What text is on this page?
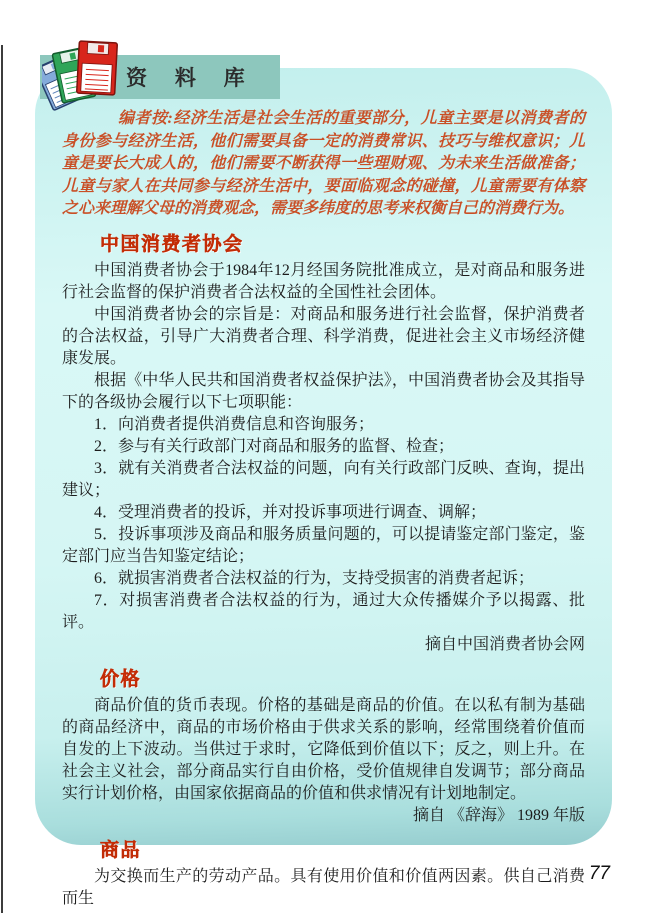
编者按:经济生活是社会生活的重要部分，儿童主要是以消费者的身份参与经济生活，他们需要具备一定的消费常识、技巧与维权意识；儿童是要长大成人的，他们需要不断获得一些理财观、为未来生活做准备；儿童与家人在共同参与经济生活中，要面临观念的碰撞，儿童需要有体察之心来理解父母的消费观念，需要多纬度的思考来权衡自己的消费行为。

中国消费者协会

中国消费者协会于1984年12月经国务院批准成立，是对商品和服务进行社会监督的保护消费者合法权益的全国性社会团体。

中国消费者协会的宗旨是：对商品和服务进行社会监督，保护消费者的合法权益，引导广大消费者合理、科学消费，促进社会主义市场经济健康发展。

根据《中华人民共和国消费者权益保护法》，中国消费者协会及其指导下的各级协会履行以下七项职能：

1．向消费者提供消费信息和咨询服务；

2．参与有关行政部门对商品和服务的监督、检查；

3．就有关消费者合法权益的问题，向有关行政部门反映、查询，提出建议；

4．受理消费者的投诉，并对投诉事项进行调查、调解；

5．投诉事项涉及商品和服务质量问题的，可以提请鉴定部门鉴定，鉴定部门应当告知鉴定结论；

6．就损害消费者合法权益的行为，支持受损害的消费者起诉；

7．对损害消费者合法权益的行为，通过大众传播媒介予以揭露、批评。

摘自中国消费者协会网

价格

商品价值的货币表现。价格的基础是商品的价值。在以私有制为基础的商品经济中，商品的市场价格由于供求关系的影响，经常围绕着价值而自发的上下波动。当供过于求时，它降低到价值以下；反之，则上升。在社会主义社会，部分商品实行自由价格，受价值规律自发调节；部分商品实行计划价格，由国家依据商品的价值和供求情况有计划地制定。

摘自 《辞海》 1989 年版

商品

为交换而生产的劳动产品。具有使用价值和价值两因素。供自己消费而生

资 料 库
77
